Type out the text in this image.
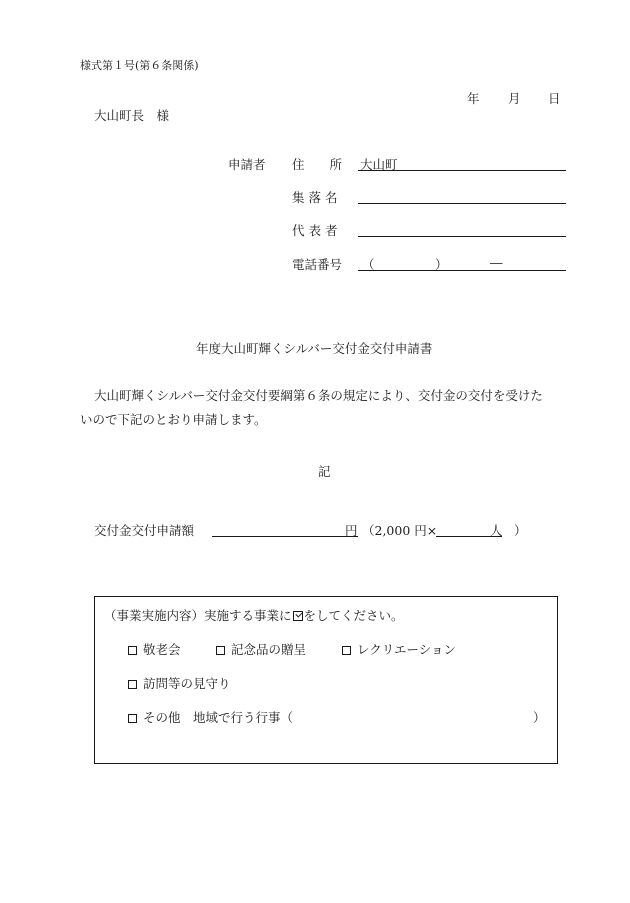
様式第１号(第６条関係)
年 月 日
大山町長　様
申請者 住　　所 大山町
集 落 名
代 表 者
電話番号 （	）	―
年度大山町輝くシルバー交付金交付申請書
大山町輝くシルバー交付金交付要綱第６条の規定により、交付金の交付を受けた
いので下記のとおり申請します。
記
交付金交付申請額	円 （2,000 円×	人 ）
（事業実施内容）実施する事業に をしてください。
敬老会	記念品の贈呈	レクリエーション
訪問等の見守り
その他　地域で行う行事（	）
